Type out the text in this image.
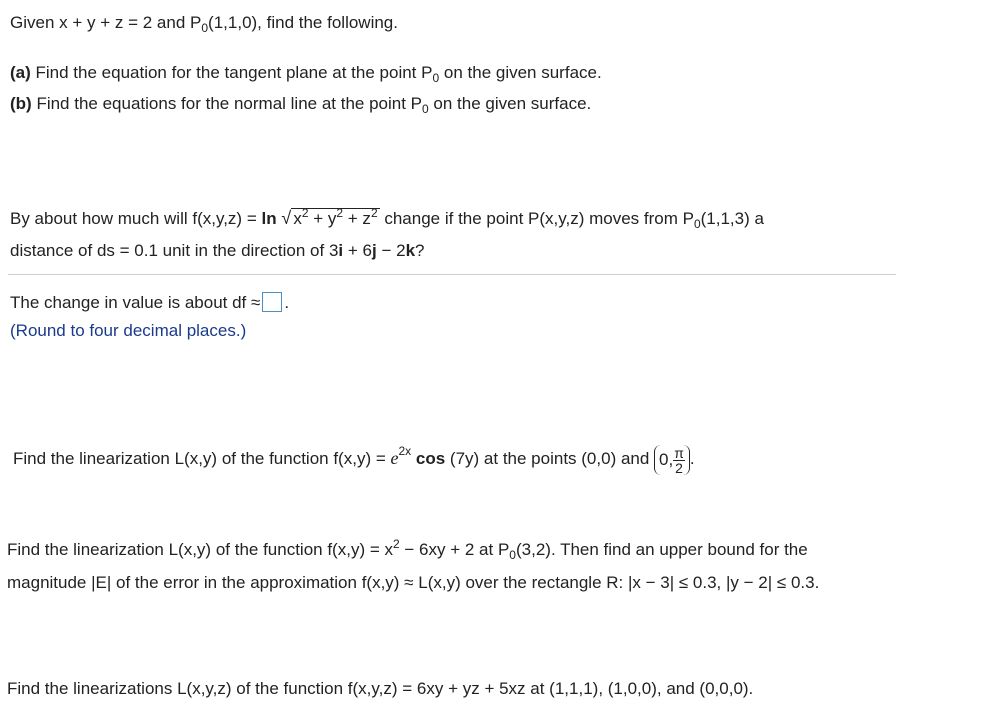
Given x + y + z = 2 and $P_0(1,1,0)$, find the following.
(a) Find the equation for the tangent plane at the point $P_0$ on the given surface.
(b) Find the equations for the normal line at the point $P_0$ on the given surface.
By about how much will f(x,y,z) = ln √ $x^2 + y^2 + z^2$ change if the point P(x,y,z) moves from $P_0(1,1,3)$ a
distance of ds = 0.1 unit in the direction of 3i + 6j − 2k?
The change in value is about df ≈ .
(Round to four decimal places.)
Find the linearization L(x,y) of the function $f(x,y) = e^{2x}$ cos (7y) at the points (0,0) and 0, $\frac{\pi}{2}$ .
Find the linearization L(x,y) of the function $f(x,y) = x^2 - 6xy + 2$ at $P_0(3,2)$. Then find an upper bound for the
magnitude |E| of the error in the approximation f(x,y) ≈ L(x,y) over the rectangle R: |x − 3| ≤ 0.3, |y − 2| ≤ 0.3.
Find the linearizations L(x,y,z) of the function f(x,y,z) = 6xy + yz + 5xz at (1,1,1), (1,0,0), and (0,0,0).
